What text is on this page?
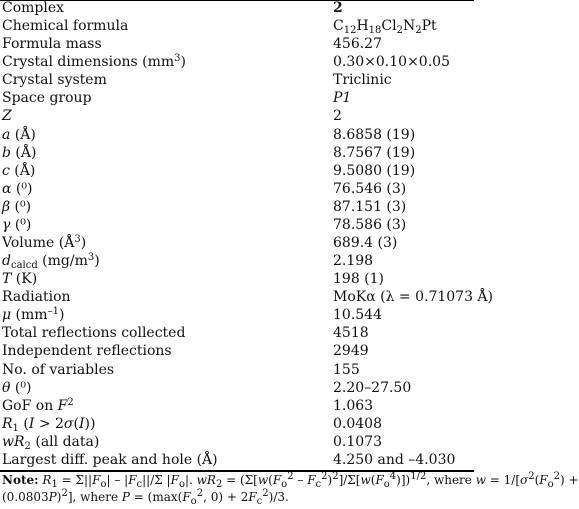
Complex	2
Chemical formula	$C_{12}H_{18}Cl_2N_2Pt$
Formula mass	456.27
Crystal dimensions $(mm^3)$	0.30×0.10×0.05
Crystal system	Triclinic
Space group	P1
Z	2
a (Å)	8.6858 (19)
b (Å)	8.7567 (19)
c (Å)	9.5080 (19)
α (⁰)	76.546 (3)
β (⁰)	87.151 (3)
γ (⁰)	78.586 (3)
Volume $(Å^3)$	689.4 (3)
$d_{calcd}$ $(mg/m^3)$	2.198
T (K)	198 (1)
Radiation	MoKα (λ = 0.71073 Å)
μ $(mm^{-1})$	10.544
Total reflections collected	4518
Independent reflections	2949
No. of variables	155
θ (⁰)	2.20–27.50
GoF on $F^2$	1.063
$R_1$ (I > 2σ(I))	0.0408
$wR_2$ (all data)	0.1073
Largest diff. peak and hole (Å)	4.250 and –4.030
Note: $R_1 = \Sigma||F_o| - |F_c||/\Sigma$ $|F_o|$. $wR_2 = (\Sigma[w(F_o^2 - F_c^2)^2]/\Sigma[w(F_o^4)])^{1/2}$, where $w = 1/[\sigma^2(F_o^2)$ +
$(0.0803P)^2$], where $P = (\max(F_o^2$, $0) + 2F_c^2)/3$.
